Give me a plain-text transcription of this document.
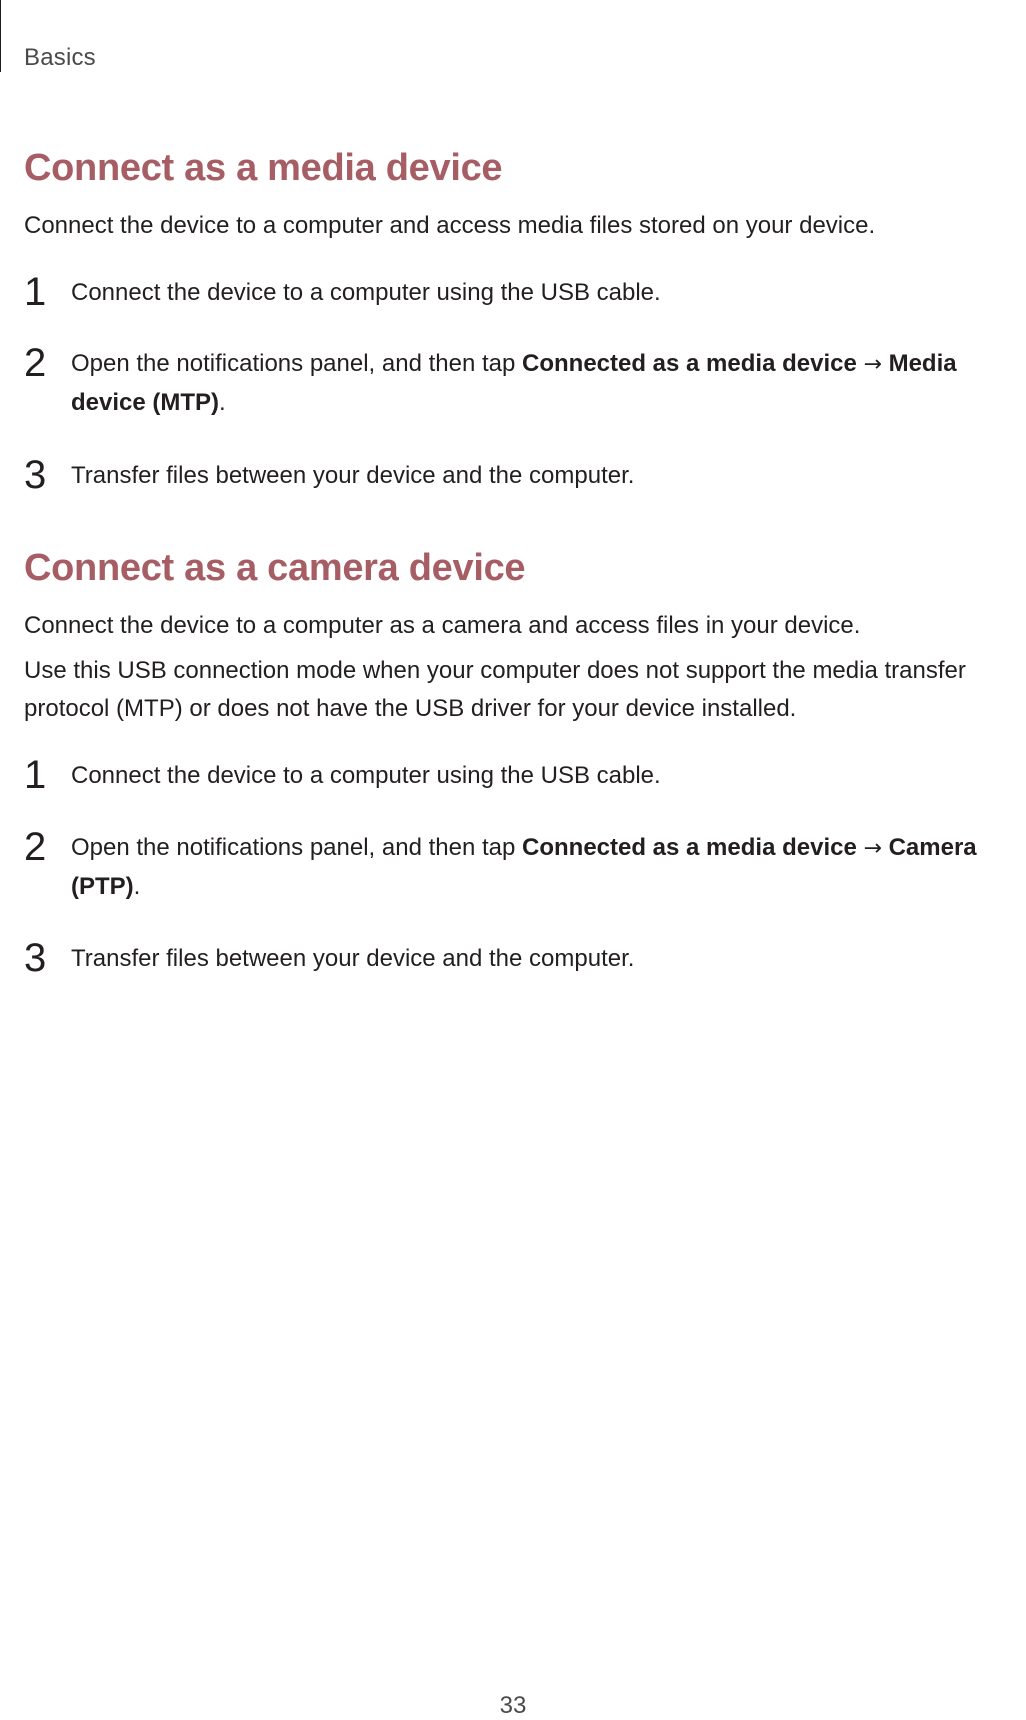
Basics
Connect as a media device

Connect the device to a computer and access media files stored on your device.

1 Connect the device to a computer using the USB cable.
2 Open the notifications panel, and then tap Connected as a media device → Media device (MTP).
3 Transfer files between your device and the computer.
Connect as a camera device

Connect the device to a computer as a camera and access files in your device.

Use this USB connection mode when your computer does not support the media transfer protocol (MTP) or does not have the USB driver for your device installed.

1 Connect the device to a computer using the USB cable.
2 Open the notifications panel, and then tap Connected as a media device → Camera (PTP).
3 Transfer files between your device and the computer.
33
